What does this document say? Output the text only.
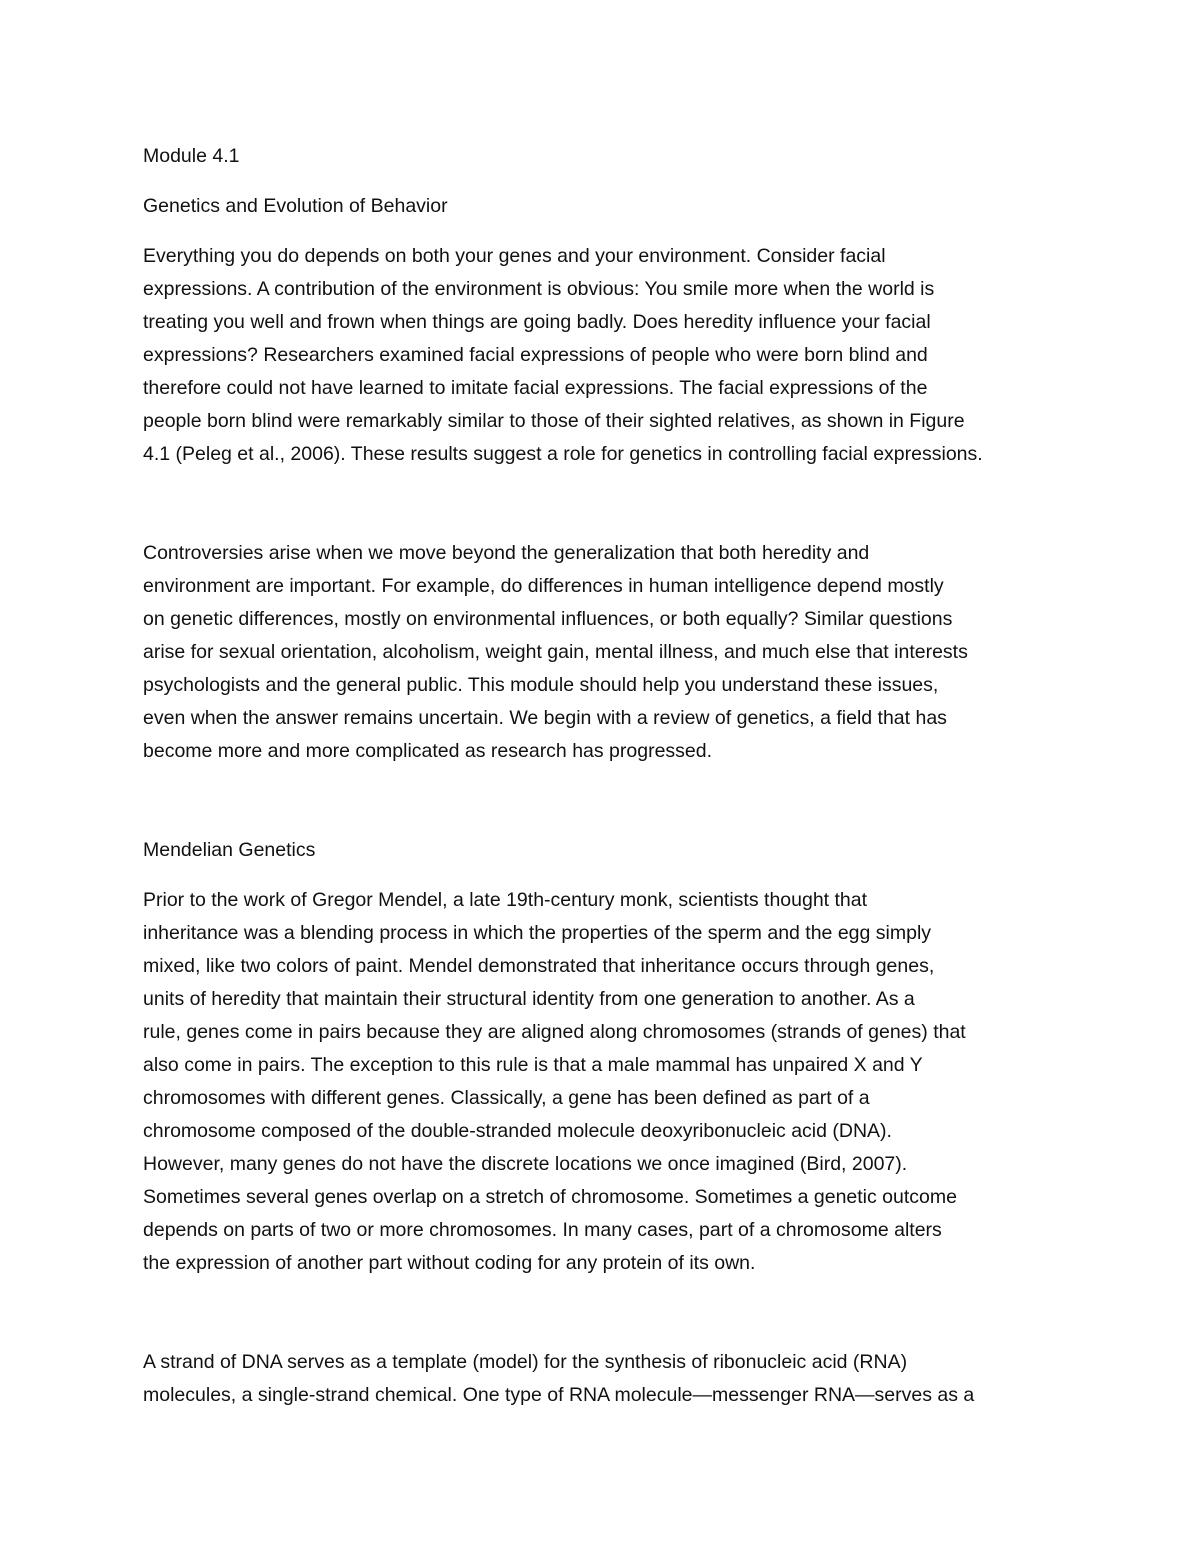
Module 4.1
Genetics and Evolution of Behavior
Everything you do depends on both your genes and your environment. Consider facial
expressions. A contribution of the environment is obvious: You smile more when the world is
treating you well and frown when things are going badly. Does heredity influence your facial
expressions? Researchers examined facial expressions of people who were born blind and
therefore could not have learned to imitate facial expressions. The facial expressions of the
people born blind were remarkably similar to those of their sighted relatives, as shown in Figure
4.1 (Peleg et al., 2006). These results suggest a role for genetics in controlling facial expressions.
Controversies arise when we move beyond the generalization that both heredity and
environment are important. For example, do differences in human intelligence depend mostly
on genetic differences, mostly on environmental influences, or both equally? Similar questions
arise for sexual orientation, alcoholism, weight gain, mental illness, and much else that interests
psychologists and the general public. This module should help you understand these issues,
even when the answer remains uncertain. We begin with a review of genetics, a field that has
become more and more complicated as research has progressed.
Mendelian Genetics
Prior to the work of Gregor Mendel, a late 19th-century monk, scientists thought that
inheritance was a blending process in which the properties of the sperm and the egg simply
mixed, like two colors of paint. Mendel demonstrated that inheritance occurs through genes,
units of heredity that maintain their structural identity from one generation to another. As a
rule, genes come in pairs because they are aligned along chromosomes (strands of genes) that
also come in pairs. The exception to this rule is that a male mammal has unpaired X and Y
chromosomes with different genes. Classically, a gene has been defined as part of a
chromosome composed of the double-stranded molecule deoxyribonucleic acid (DNA).
However, many genes do not have the discrete locations we once imagined (Bird, 2007).
Sometimes several genes overlap on a stretch of chromosome. Sometimes a genetic outcome
depends on parts of two or more chromosomes. In many cases, part of a chromosome alters
the expression of another part without coding for any protein of its own.
A strand of DNA serves as a template (model) for the synthesis of ribonucleic acid (RNA)
molecules, a single-strand chemical. One type of RNA molecule—messenger RNA—serves as a
